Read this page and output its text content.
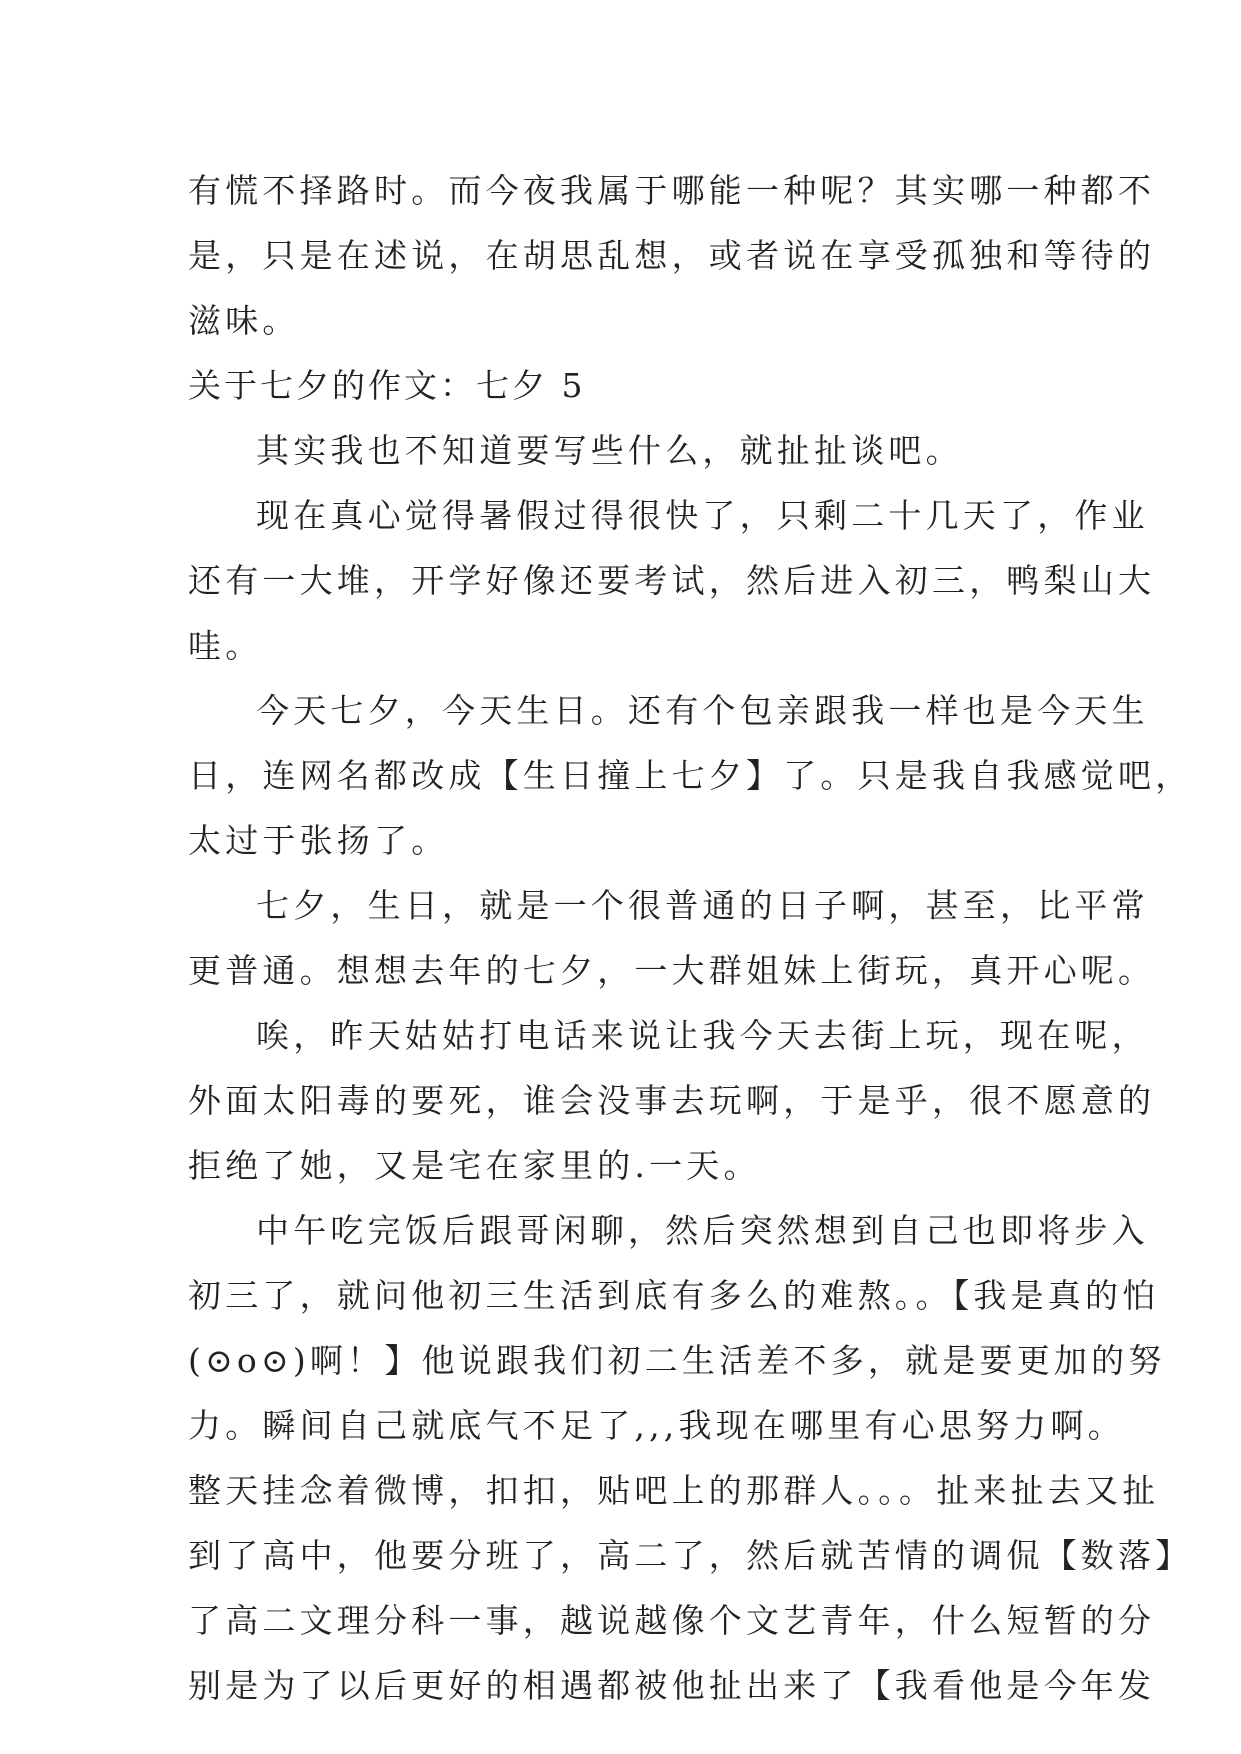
有慌不择路时。而今夜我属于哪能一种呢？其实哪一种都不

是，只是在述说，在胡思乱想，或者说在享受孤独和等待的

滋味。

关于七夕的作文：七夕 5

其实我也不知道要写些什么，就扯扯谈吧。

现在真心觉得暑假过得很快了，只剩二十几天了，作业

还有一大堆，开学好像还要考试，然后进入初三，鸭梨山大

哇。

今天七夕，今天生日。还有个包亲跟我一样也是今天生

日，连网名都改成【生日撞上七夕】了。只是我自我感觉吧，

太过于张扬了。

七夕，生日，就是一个很普通的日子啊，甚至，比平常

更普通。想想去年的七夕，一大群姐妹上街玩，真开心呢。

唉，昨天姑姑打电话来说让我今天去街上玩，现在呢，

外面太阳毒的要死，谁会没事去玩啊，于是乎，很不愿意的

拒绝了她，又是宅在家里的.一天。

中午吃完饭后跟哥闲聊，然后突然想到自己也即将步入

初三了，就问他初三生活到底有多么的难熬。。【我是真的怕

(⊙o⊙)啊！】他说跟我们初二生活差不多，就是要更加的努

力。瞬间自己就底气不足了,,,我现在哪里有心思努力啊。

整天挂念着微博，扣扣，贴吧上的那群人。。。扯来扯去又扯

到了高中，他要分班了，高二了，然后就苦情的调侃【数落】

了高二文理分科一事，越说越像个文艺青年，什么短暂的分

别是为了以后更好的相遇都被他扯出来了【我看他是今年发
